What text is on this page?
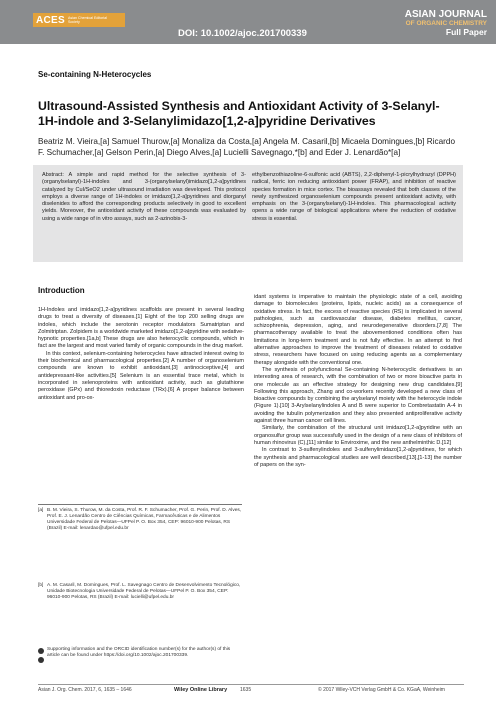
ACES Asian Chemical Editorial Society
DOI: 10.1002/ajoc.201700339
ASIAN JOURNAL
OF ORGANIC CHEMISTRY
Full Paper
Se-containing N-Heterocycles
Ultrasound-Assisted Synthesis and Antioxidant Activity of 3-Selanyl-1H-indole and 3-Selanylimidazo[1,2-a]pyridine Derivatives
Beatriz M. Vieira,[a] Samuel Thurow,[a] Monaliza da Costa,[a] Angela M. Casaril,[b] Micaela Domingues,[b] Ricardo F. Schumacher,[a] Gelson Perin,[a] Diego Alves,[a] Lucielli Savegnago,*[b] and Eder J. Lenardão*[a]
Abstract: A simple and rapid method for the selective synthesis of 3-(organylselanyl)-1H-indoles and 3-(organylselanyl)imidazo[1,2-a]pyridines catalyzed by CuI/SeO2 under ultrasound irradiation was developed. This protocol employs a diverse range of 1H-indoles or imidazo[1,2-a]pyridines and diorganyl diselenides to afford the corresponding products selectively in good to excellent yields. Moreover, the antioxidant activity of these compounds was evaluated by using a wide range of in vitro assays, such as 2-azinobis-3-
ethylbenzothiazoline-6-sulfonic acid (ABTS), 2,2-diphenyl-1-picrylhydrazyl (DPPH) radical, ferric ion reducing antioxidant power (FRAP), and inhibition of reactive species formation in mice cortex. The bioassays revealed that both classes of the newly synthesized organoselenium compounds present antioxidant activity, with emphasis on the 3-(organylselanyl)-1H-indoles. This pharmacological activity opens a wide range of biological applications where the reduction of oxidative stress is essential.
Introduction

1H-Indoles and imidazo[1,2-a]pyridines scaffolds are present in several leading drugs to treat a diversity of diseases.[1] Eight of the top 200 selling drugs are indoles, which include the serotonin receptor modulators Sumatriptan and Zolmitriptan. Zolpidem is a worldwide marketed imidazo[1,2-a]pyridine with sedative-hypnotic properties.[1a,b] These drugs are also heterocyclic compounds, which in fact are the largest and most varied family of organic compounds in the drug market.

In this context, selenium-containing heterocycles have attracted interest owing to their biochemical and pharmacological properties.[2] A number of organoselenium compounds are known to exhibit antioxidant,[3] antinociceptive,[4] and antidepressant-like activities.[5] Selenium is an essential trace metal, which is incorporated in selenoproteins with antioxidant activity, such as glutathione peroxidase (GPx) and thioredoxin reductase (TRx).[6] A proper balance between antioxidant and pro-ox-

idant systems is imperative to maintain the physiologic state of a cell, avoiding damage to biomolecules (proteins, lipids, nucleic acids) as a consequence of oxidative stress. In fact, the excess of reactive species (RS) is implicated in several pathologies, such as cardiovascular disease, diabetes mellitus, cancer, schizophrenia, depression, aging, and neurodegenerative disorders.[7,8] The pharmacotherapy available to treat the abovementioned conditions often has limitations in long-term treatment and is not fully effective. In an attempt to find alternative approaches to improve the treatment of diseases related to oxidative stress, researchers have focused on using reducing agents as a complementary therapy alongside with the conventional one.

The synthesis of polyfunctional Se-containing N-heterocyclic derivatives is an interesting area of research, with the combination of two or more bioactive parts in one molecule as an effective strategy for designing new drug candidates.[9] Following this approach, Zhang and co-workers recently developed a new class of bioactive compounds by combining the arylselanyl moiety with the heterocycle indole (Figure 1).[10] 3-Arylselanylindoles A and B were superior to Combretastatin A-4 in avoiding the tubulin polymerization and they also presented antiproliferative activity against three human cancer cell lines.

Similarly, the combination of the structural unit imidazo[1,2-a]pyridine with an organosulfur group was successfully used in the design of a new class of inhibitors of human rhinovirus (C),[11] similar to Enviroxime, and the new anthelminthic D.[12]

In contrast to 3-sulfenylindoles and 3-sulfenylimidazo[1,2-a]pyridines, for which the synthesis and pharmacological studies are well described,[13],[1-13] the number of papers on the syn-

[a] B. M. Vieira, S. Thurow, M. da Costa, Prof. R. F. Schumacher, Prof. G. Perin, Prof. D. Alves, Prof. E. J. Lenardão Centro de Ciências Químicas, Farmacêuticas e de Alimentos Universidade Federal de Pelotas—UFPel P. O. Box 354, CEP: 96010-900 Pelotas, RS (Brazil) E-mail: lenardao@ufpel.edu.br
[b] A. M. Casaril, M. Domingues, Prof. L. Savegnago Centro de Desenvolvimento Tecnológico, Unidade Biotecnologia Universidade Federal de Pelotas—UFPel P. O. Box 354, CEP: 96010-900 Pelotas, RS (Brazil) E-mail: lucielli@ufpel.edu.br
Supporting information and the ORCID identification number(s) for the author(s) of this article can be found under https://doi.org/10.1002/ajoc.201700339.
Asian J. Org. Chem. 2017, 6, 1635 – 1646	Wiley Online Library	1635	© 2017 Wiley-VCH Verlag GmbH & Co. KGaA, Weinheim
